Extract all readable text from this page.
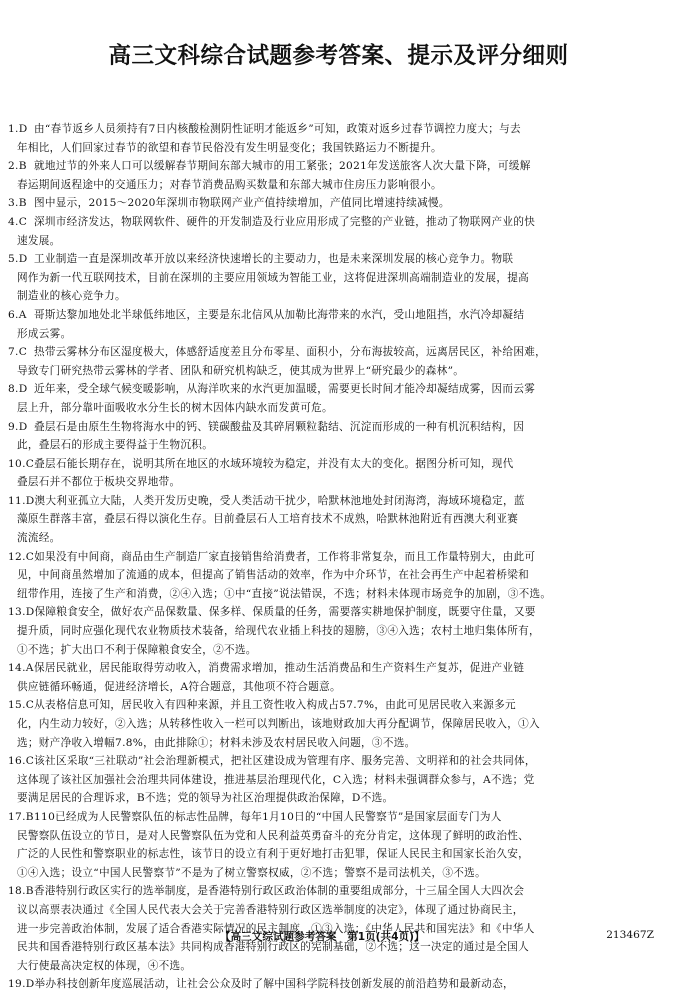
高三文科综合试题参考答案、提示及评分细则
1.D 由“春节返乡人员须持有7日内核酸检测阴性证明才能返乡”可知，政策对返乡过春节调控力度大；与去
年相比，人们回家过春节的欲望和春节民俗没有发生明显变化；我国铁路运力不断提升。
2.B 就地过节的外来人口可以缓解春节期间东部大城市的用工紧张；2021年发送旅客人次大量下降，可缓解
春运期间返程途中的交通压力；对春节消费品购买数量和东部大城市住房压力影响很小。
3.B 图中显示，2015～2020年深圳市物联网产业产值持续增加，产值同比增速持续减慢。
4.C 深圳市经济发达，物联网软件、硬件的开发制造及行业应用形成了完整的产业链，推动了物联网产业的快
速发展。
5.D 工业制造一直是深圳改革开放以来经济快速增长的主要动力，也是未来深圳发展的核心竞争力。物联
网作为新一代互联网技术，目前在深圳的主要应用领域为智能工业，这将促进深圳高端制造业的发展，提高
制造业的核心竞争力。
6.A 哥斯达黎加地处北半球低纬地区，主要是东北信风从加勒比海带来的水汽，受山地阻挡，水汽冷却凝结
形成云雾。
7.C 热带云雾林分布区湿度极大，体感舒适度差且分布零星、面积小，分布海拔较高，远离居民区，补给困难，
导致专门研究热带云雾林的学者、团队和研究机构缺乏，使其成为世界上“研究最少的森林”。
8.D 近年来，受全球气候变暖影响，从海洋吹来的水汽更加温暖，需要更长时间才能冷却凝结成雾，因而云雾
层上升，部分靠叶面吸收水分生长的树木因体内缺水而发黄可危。
9.D 叠层石是由原生生物将海水中的钙、镁碳酸盐及其碎屑颗粒黏结、沉淀而形成的一种有机沉积结构，因
此，叠层石的形成主要得益于生物沉积。
10.C叠层石能长期存在，说明其所在地区的水域环境较为稳定，并没有太大的变化。据图分析可知，现代
叠层石并不都位于板块交界地带。
11.D澳大利亚孤立大陆，人类开发历史晚，受人类活动干扰少，哈默林池地处封闭海湾，海域环境稳定，蓝
藻原生群落丰富，叠层石得以演化生存。目前叠层石人工培育技术不成熟，哈默林池附近有西澳大利亚赛
流流经。
12.C如果没有中间商，商品由生产制造厂家直接销售给消费者，工作将非常复杂，而且工作量特别大，由此可
见，中间商虽然增加了流通的成本，但提高了销售活动的效率，作为中介环节，在社会再生产中起着桥梁和
纽带作用，连接了生产和消费，②④入选；①中“直接”说法错误，不选；材料未体现市场竞争的加剧，③不选。
13.D保障粮食安全，做好农产品保数量、保多样、保质量的任务，需要落实耕地保护制度，既要守住量，又要
提升质，同时应强化现代农业物质技术装备，给现代农业插上科技的翅膀，③④入选；农村土地归集体所有，
①不选；扩大出口不利于保障粮食安全，②不选。
14.A保居民就业，居民能取得劳动收入，消费需求增加，推动生活消费品和生产资料生产复苏，促进产业链
供应链循环畅通，促进经济增长，A符合题意，其他项不符合题意。
15.C从表格信息可知，居民收入有四种来源，并且工资性收入构成占57.7%，由此可见居民收入来源多元
化，内生动力较好，②入选；从转移性收入一栏可以判断出，该地财政加大再分配调节，保障居民收入，①入
选；财产净收入增幅7.8%，由此排除①；材料未涉及农村居民收入问题，③不选。
16.C该社区采取“三社联动”社会治理新模式，把社区建设成为管理有序、服务完善、文明祥和的社会共同体，
这体现了该社区加强社会治理共同体建设，推进基层治理现代化，C入选；材料未强调群众参与，A不选；党
要满足居民的合理诉求，B不选；党的领导为社区治理提供政治保障，D不选。
17.B110已经成为人民警察队伍的标志性品牌，每年1月10日的“中国人民警察节”是国家层面专门为人
民警察队伍设立的节日，是对人民警察队伍为党和人民利益英勇奋斗的充分肯定，这体现了鲜明的政治性、
广泛的人民性和警察职业的标志性，该节日的设立有利于更好地打击犯罪，保证人民民主和国家长治久安，
①④入选；设立“中国人民警察节”不是为了树立警察权威，②不选；警察不是司法机关，③不选。
18.B香港特别行政区实行的选举制度，是香港特别行政区政治体制的重要组成部分，十三届全国人大四次会
议以高票表决通过《全国人民代表大会关于完善香港特别行政区选举制度的决定》，体现了通过协商民主，
进一步完善政治体制，发展了适合香港实际情况的民主制度，①③入选；《中华人民共和国宪法》和《中华人
民共和国香港特别行政区基本法》共同构成香港特别行政区的宪制基础，②不选；这一决定的通过是全国人
大行使最高决定权的体现，④不选。
19.D举办科技创新年度巡展活动，让社会公众及时了解中国科学院科技创新发展的前沿趋势和最新动态，
【高三文综试题参考答案　第1页(共4页)】	213467Z
